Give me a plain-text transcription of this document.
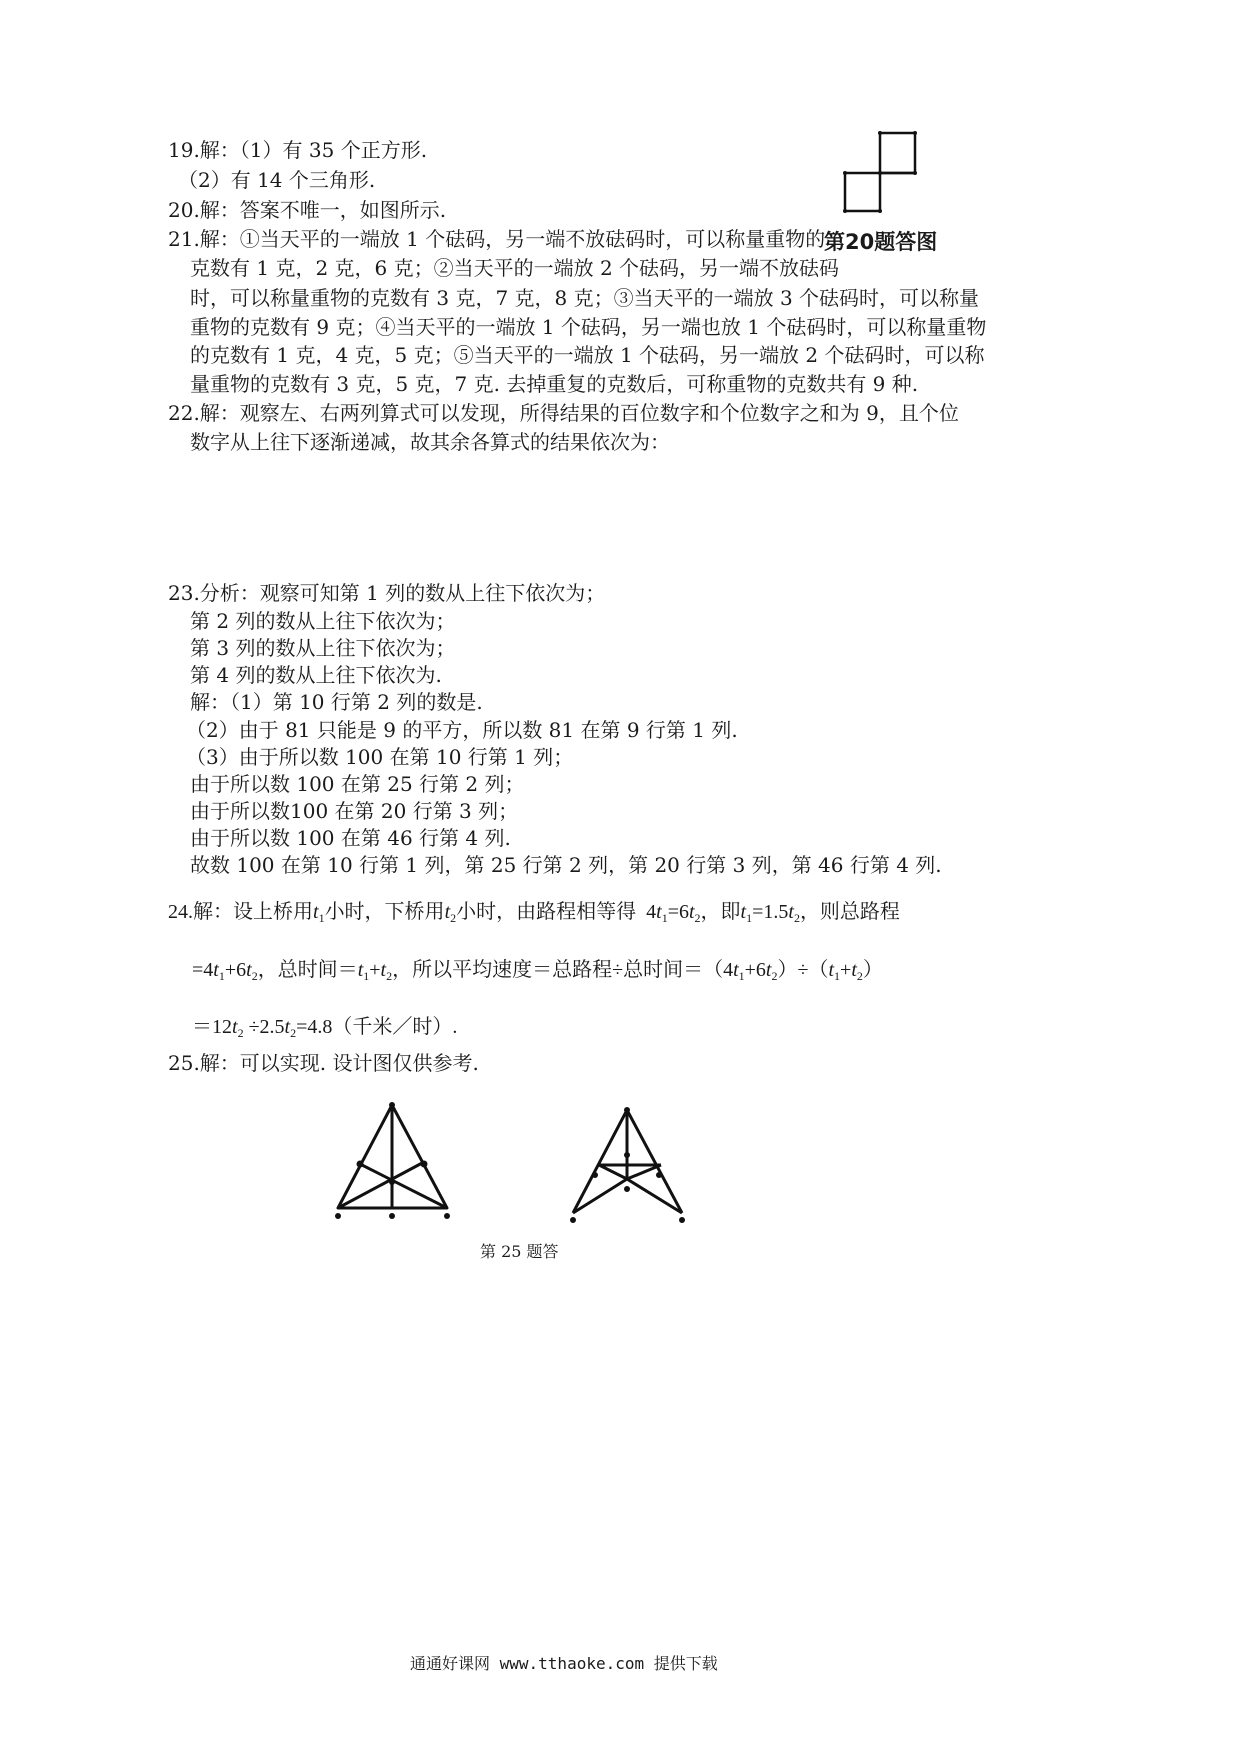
19.解：（1）有 35 个正方形.
（2）有 14 个三角形.
20.解：答案不唯一，如图所示.
第20题答图
21.解：①当天平的一端放 1 个砝码，另一端不放砝码时，可以称量重物的
克数有 1 克，2 克，6 克；②当天平的一端放 2 个砝码，另一端不放砝码
时，可以称量重物的克数有 3 克，7 克，8 克；③当天平的一端放 3 个砝码时，可以称量
重物的克数有 9 克；④当天平的一端放 1 个砝码，另一端也放 1 个砝码时，可以称量重物
的克数有 1 克，4 克，5 克；⑤当天平的一端放 1 个砝码，另一端放 2 个砝码时，可以称
量重物的克数有 3 克，5 克，7 克. 去掉重复的克数后，可称重物的克数共有 9 种.
22.解：观察左、右两列算式可以发现，所得结果的百位数字和个位数字之和为 9，且个位
数字从上往下逐渐递减，故其余各算式的结果依次为：
23.分析：观察可知第 1 列的数从上往下依次为；
第 2 列的数从上往下依次为；
第 3 列的数从上往下依次为；
第 4 列的数从上往下依次为.
解：（1）第 10 行第 2 列的数是.
（2）由于 81 只能是 9 的平方，所以数 81 在第 9 行第 1 列.
（3）由于所以数 100 在第 10 行第 1 列；
由于所以数 100 在第 25 行第 2 列；
由于所以数100 在第 20 行第 3 列；
由于所以数 100 在第 46 行第 4 列.
故数 100 在第 10 行第 1 列，第 25 行第 2 列，第 20 行第 3 列，第 46 行第 4 列.
24.解：设上桥用$t_1$小时，下桥用$t_2$小时，由路程相等得 $4t_1=6t_2$，即$t_1=1.5t_2$，则总路程
$=4t_1+6t_2$，总时间$=t_1+t_2$，所以平均速度＝总路程÷总时间$=(4t_1+6t_2)\div(t_1+t_2)$
$=12t_2 \div 2.5t_2=4.8$（千米／时）.
25.解：可以实现. 设计图仅供参考.
第 25 题答
通通好课网 www.tthaoke.com 提供下载
